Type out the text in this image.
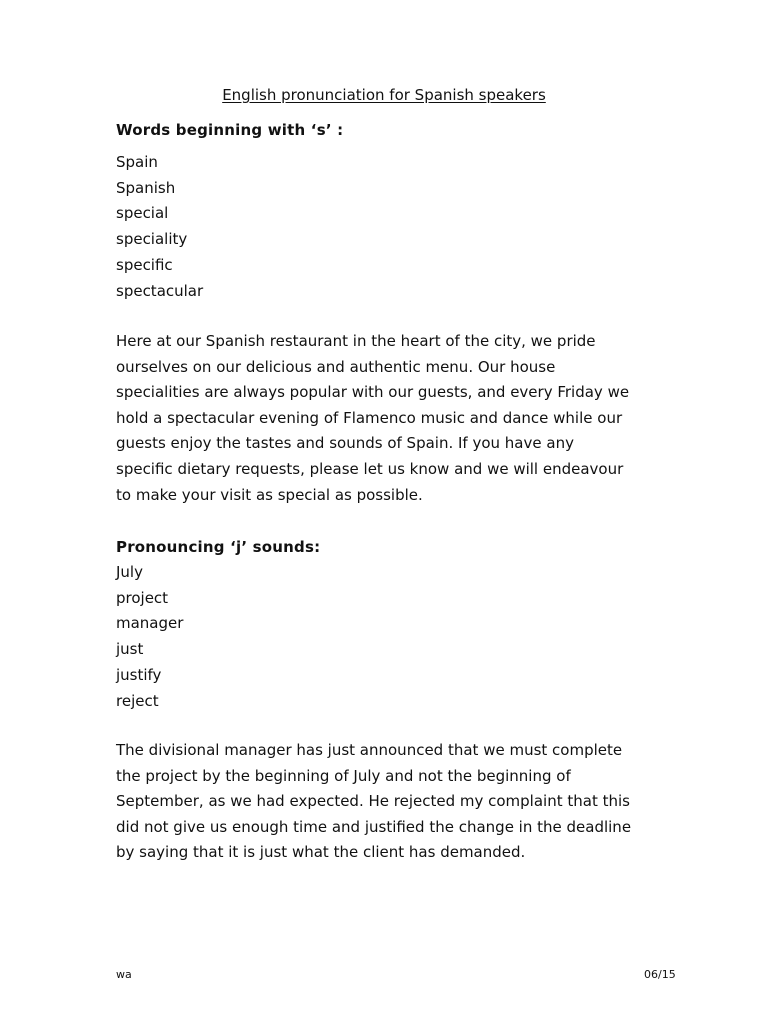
English pronunciation for Spanish speakers
Words beginning with ‘s’ :
Spain
Spanish
special
speciality
specific
spectacular

Here at our Spanish restaurant in the heart of the city, we pride
ourselves on our delicious and authentic menu. Our house
specialities are always popular with our guests, and every Friday we
hold a spectacular evening of Flamenco music and dance while our
guests enjoy the tastes and sounds of Spain. If you have any
specific dietary requests, please let us know and we will endeavour
to make your visit as special as possible.

Pronouncing ‘j’ sounds:
July
project
manager
just
justify
reject

The divisional manager has just announced that we must complete
the project by the beginning of July and not the beginning of
September, as we had expected. He rejected my complaint that this
did not give us enough time and justified the change in the deadline
by saying that it is just what the client has demanded.

wa	06/15
